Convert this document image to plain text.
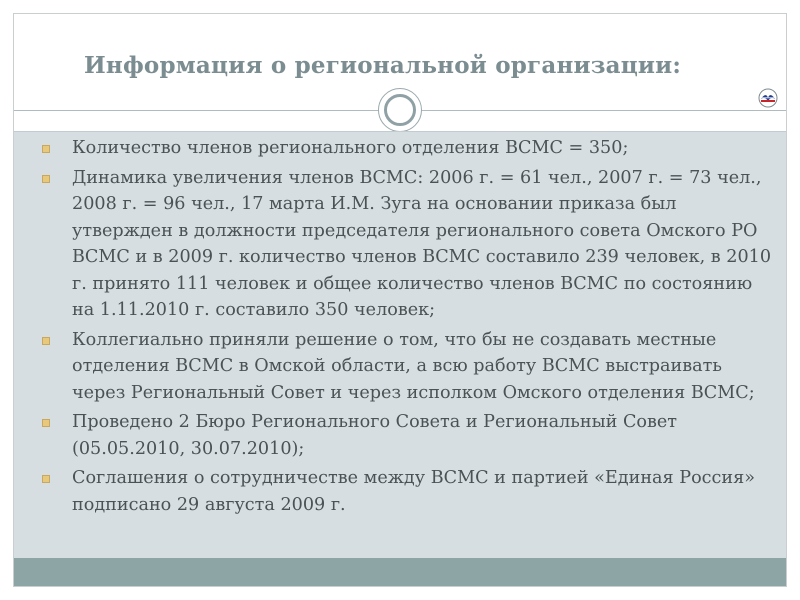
Информация о региональной организации:
Количество членов регионального отделения ВСМС = 350;
Динамика увеличения членов ВСМС: 2006 г. = 61 чел., 2007 г. = 73 чел., 2008 г. = 96 чел., 17 марта И.М. Зуга на основании приказа был утвержден в должности председателя регионального совета Омского РО ВСМС и в 2009 г. количество членов ВСМС составило 239 человек, в 2010 г. принято 111 человек и общее количество членов ВСМС по состоянию на 1.11.2010 г. составило 350 человек;
Коллегиально приняли решение о том, что бы не создавать местные отделения ВСМС в Омской области, а всю работу ВСМС выстраивать через Региональный Совет и через исполком Омского отделения ВСМС;
Проведено 2 Бюро Регионального Совета и Региональный Совет (05.05.2010, 30.07.2010);
Соглашения о сотрудничестве между ВСМС и партией «Единая Россия» подписано 29 августа 2009 г.
